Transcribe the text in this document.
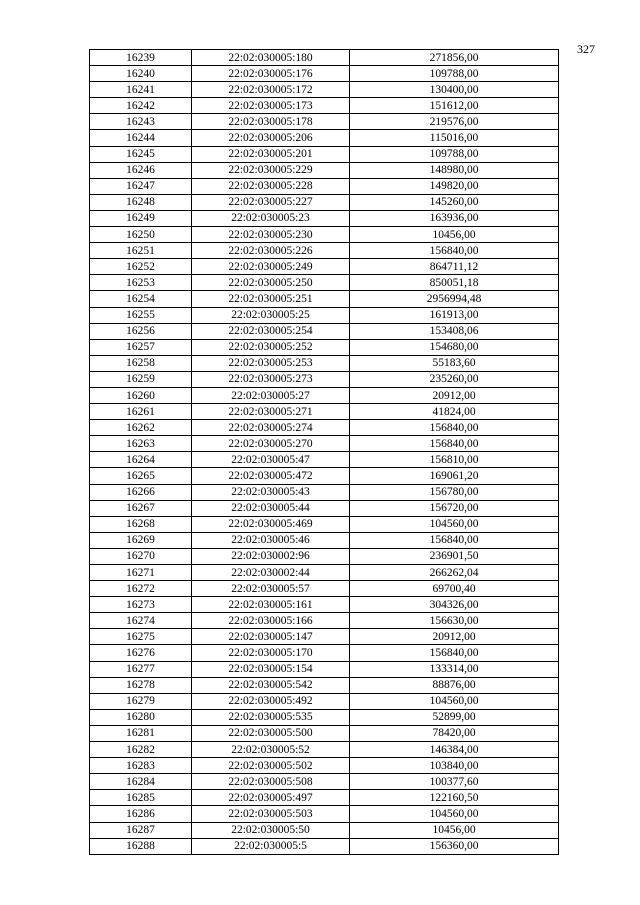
327
16239	22:02:030005:180	271856,00
16240	22:02:030005:176	109788,00
16241	22:02:030005:172	130400,00
16242	22:02:030005:173	151612,00
16243	22:02:030005:178	219576,00
16244	22:02:030005:206	115016,00
16245	22:02:030005:201	109788,00
16246	22:02:030005:229	148980,00
16247	22:02:030005:228	149820,00
16248	22:02:030005:227	145260,00
16249	22:02:030005:23	163936,00
16250	22:02:030005:230	10456,00
16251	22:02:030005:226	156840,00
16252	22:02:030005:249	864711,12
16253	22:02:030005:250	850051,18
16254	22:02:030005:251	2956994,48
16255	22:02:030005:25	161913,00
16256	22:02:030005:254	153408,06
16257	22:02:030005:252	154680,00
16258	22:02:030005:253	55183,60
16259	22:02:030005:273	235260,00
16260	22:02:030005:27	20912,00
16261	22:02:030005:271	41824,00
16262	22:02:030005:274	156840,00
16263	22:02:030005:270	156840,00
16264	22:02:030005:47	156810,00
16265	22:02:030005:472	169061,20
16266	22:02:030005:43	156780,00
16267	22:02:030005:44	156720,00
16268	22:02:030005:469	104560,00
16269	22:02:030005:46	156840,00
16270	22:02:030002:96	236901,50
16271	22:02:030002:44	266262,04
16272	22:02:030005:57	69700,40
16273	22:02:030005:161	304326,00
16274	22:02:030005:166	156630,00
16275	22:02:030005:147	20912,00
16276	22:02:030005:170	156840,00
16277	22:02:030005:154	133314,00
16278	22:02:030005:542	88876,00
16279	22:02:030005:492	104560,00
16280	22:02:030005:535	52899,00
16281	22:02:030005:500	78420,00
16282	22:02:030005:52	146384,00
16283	22:02:030005:502	103840,00
16284	22:02:030005:508	100377,60
16285	22:02:030005:497	122160,50
16286	22:02:030005:503	104560,00
16287	22:02:030005:50	10456,00
16288	22:02:030005:5	156360,00
